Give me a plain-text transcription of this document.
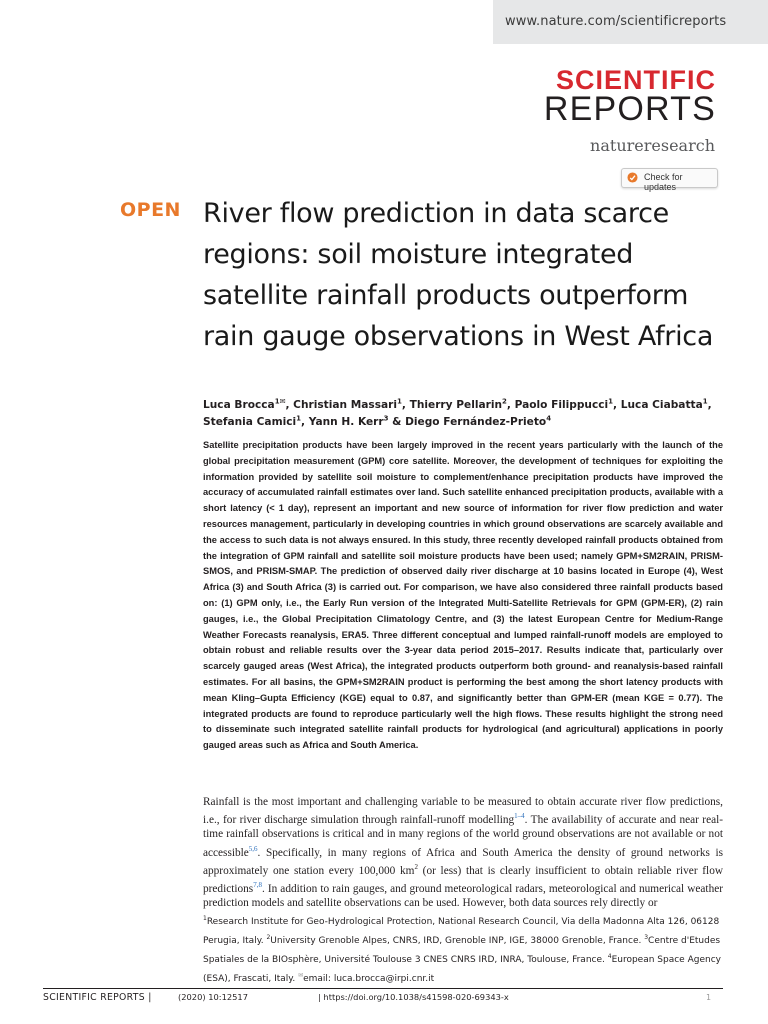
www.nature.com/scientificreports
SCIENTIFIC
REPORTS
natureresearch
Check for updates
OPEN River flow prediction in data scarce regions: soil moisture integrated satellite rainfall products outperform rain gauge observations in West Africa
Luca Brocca$^{1✉}$, Christian Massari$^1$, Thierry Pellarin$^2$, Paolo Filippucci$^1$, Luca Ciabatta$^1$, Stefania Camici$^1$, Yann H. Kerr$^3$ & Diego Fernández-Prieto$^4$

Satellite precipitation products have been largely improved in the recent years particularly with the launch of the global precipitation measurement (GPM) core satellite. Moreover, the development of techniques for exploiting the information provided by satellite soil moisture to complement/enhance precipitation products have improved the accuracy of accumulated rainfall estimates over land. Such satellite enhanced precipitation products, available with a short latency (< 1 day), represent an important and new source of information for river flow prediction and water resources management, particularly in developing countries in which ground observations are scarcely available and the access to such data is not always ensured. In this study, three recently developed rainfall products obtained from the integration of GPM rainfall and satellite soil moisture products have been used; namely GPM+SM2RAIN, PRISM-SMOS, and PRISM-SMAP. The prediction of observed daily river discharge at 10 basins located in Europe (4), West Africa (3) and South Africa (3) is carried out. For comparison, we have also considered three rainfall products based on: (1) GPM only, i.e., the Early Run version of the Integrated Multi-Satellite Retrievals for GPM (GPM-ER), (2) rain gauges, i.e., the Global Precipitation Climatology Centre, and (3) the latest European Centre for Medium-Range Weather Forecasts reanalysis, ERA5. Three different conceptual and lumped rainfall-runoff models are employed to obtain robust and reliable results over the 3-year data period 2015–2017. Results indicate that, particularly over scarcely gauged areas (West Africa), the integrated products outperform both ground- and reanalysis-based rainfall estimates. For all basins, the GPM+SM2RAIN product is performing the best among the short latency products with mean Kling–Gupta Efficiency (KGE) equal to 0.87, and significantly better than GPM-ER (mean KGE = 0.77). The integrated products are found to reproduce particularly well the high flows. These results highlight the strong need to disseminate such integrated satellite rainfall products for hydrological (and agricultural) applications in poorly gauged areas such as Africa and South America.

Rainfall is the most important and challenging variable to be measured to obtain accurate river flow predictions, i.e., for river discharge simulation through rainfall-runoff modelling$^{1-4}$. The availability of accurate and near real-time rainfall observations is critical and in many regions of the world ground observations are not available or not accessible$^{5,6}$. Specifically, in many regions of Africa and South America the density of ground networks is approximately one station every 100,000 $km^2$ (or less) that is clearly insufficient to obtain reliable river flow predictions$^{7,8}$. In addition to rain gauges, and ground meteorological radars, meteorological and numerical weather prediction models and satellite observations can be used. However, both data sources rely directly or

$^1$Research Institute for Geo-Hydrological Protection, National Research Council, Via della Madonna Alta 126, 06128 Perugia, Italy. $^2$University Grenoble Alpes, CNRS, IRD, Grenoble INP, IGE, 38000 Grenoble, France. $^3$Centre d'Etudes Spatiales de la BIOsphère, Université Toulouse 3 CNES CNRS IRD, INRA, Toulouse, France. $^4$European Space Agency (ESA), Frascati, Italy. ✉email: luca.brocca@irpi.cnr.it

SCIENTIFIC REPORTS |	(2020) 10:12517	| https://doi.org/10.1038/s41598-020-69343-x	1
